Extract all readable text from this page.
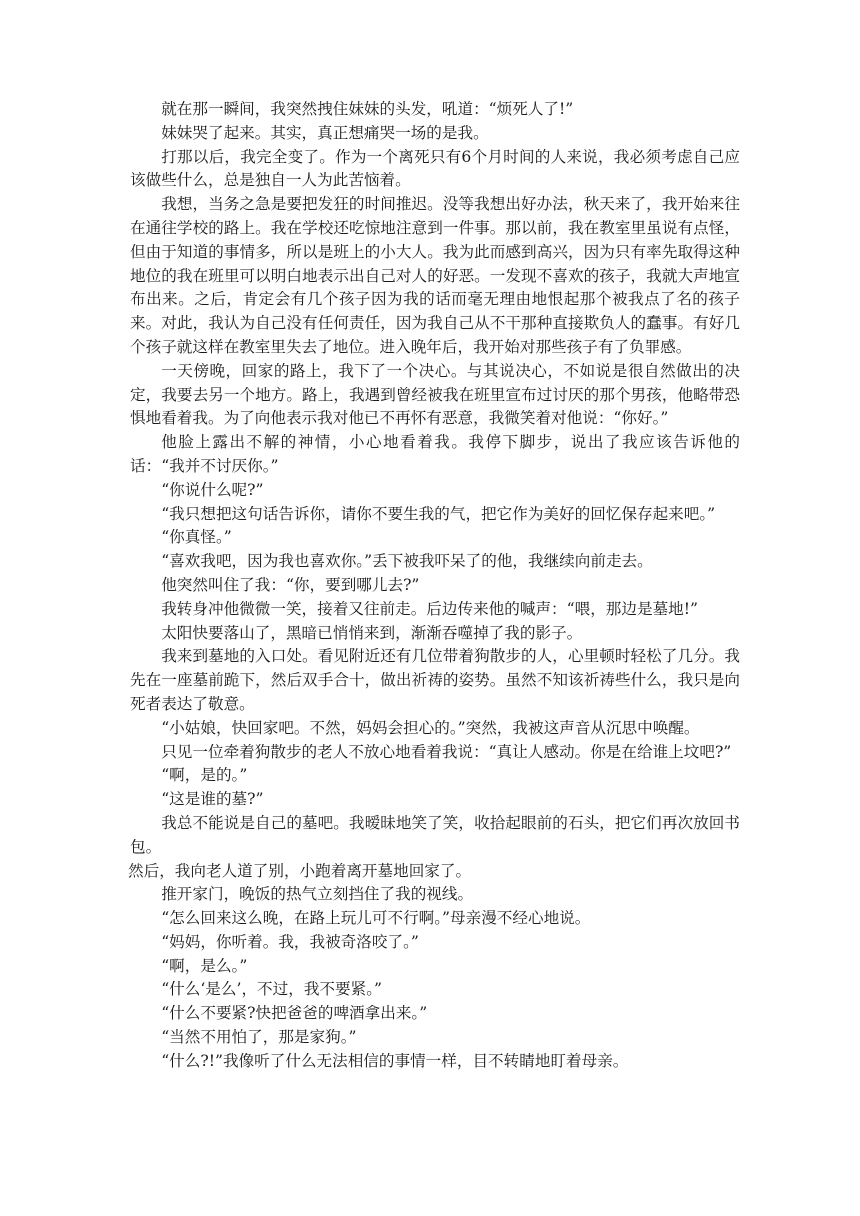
就在那一瞬间，我突然拽住妹妹的头发，吼道：“烦死人了!”

妹妹哭了起来。其实，真正想痛哭一场的是我。

打那以后，我完全变了。作为一个离死只有6个月时间的人来说，我必须考虑自己应该做些什么，总是独自一人为此苦恼着。

我想，当务之急是要把发狂的时间推迟。没等我想出好办法，秋天来了，我开始来往在通往学校的路上。我在学校还吃惊地注意到一件事。那以前，我在教室里虽说有点怪，但由于知道的事情多，所以是班上的小大人。我为此而感到高兴，因为只有率先取得这种地位的我在班里可以明白地表示出自己对人的好恶。一发现不喜欢的孩子，我就大声地宣布出来。之后，肯定会有几个孩子因为我的话而毫无理由地恨起那个被我点了名的孩子来。对此，我认为自己没有任何责任，因为我自己从不干那种直接欺负人的蠢事。有好几个孩子就这样在教室里失去了地位。进入晚年后，我开始对那些孩子有了负罪感。

一天傍晚，回家的路上，我下了一个决心。与其说决心，不如说是很自然做出的决定，我要去另一个地方。路上，我遇到曾经被我在班里宣布过讨厌的那个男孩，他略带恐惧地看着我。为了向他表示我对他已不再怀有恶意，我微笑着对他说：“你好。”

他脸上露出不解的神情，小心地看着我。我停下脚步，说出了我应该告诉他的话：“我并不讨厌你。”

“你说什么呢?”

“我只想把这句话告诉你，请你不要生我的气，把它作为美好的回忆保存起来吧。”

“你真怪。”

“喜欢我吧，因为我也喜欢你。”丢下被我吓呆了的他，我继续向前走去。

他突然叫住了我：“你，要到哪儿去?”

我转身冲他微微一笑，接着又往前走。后边传来他的喊声：“喂，那边是墓地!”

太阳快要落山了，黑暗已悄悄来到，渐渐吞噬掉了我的影子。

我来到墓地的入口处。看见附近还有几位带着狗散步的人，心里顿时轻松了几分。我先在一座墓前跪下，然后双手合十，做出祈祷的姿势。虽然不知该祈祷些什么，我只是向死者表达了敬意。

“小姑娘，快回家吧。不然，妈妈会担心的。”突然，我被这声音从沉思中唤醒。

只见一位牵着狗散步的老人不放心地看着我说：“真让人感动。你是在给谁上坟吧?”

“啊，是的。”

“这是谁的墓?”

我总不能说是自己的墓吧。我暧昧地笑了笑，收拾起眼前的石头，把它们再次放回书包。

然后，我向老人道了别，小跑着离开墓地回家了。

推开家门，晚饭的热气立刻挡住了我的视线。

“怎么回来这么晚，在路上玩儿可不行啊。”母亲漫不经心地说。

“妈妈，你听着。我，我被奇洛咬了。”

“啊，是么。”

“什么‘是么’，不过，我不要紧。”

“什么不要紧?快把爸爸的啤酒拿出来。”

“当然不用怕了，那是家狗。”

“什么?!”我像听了什么无法相信的事情一样，目不转睛地盯着母亲。
